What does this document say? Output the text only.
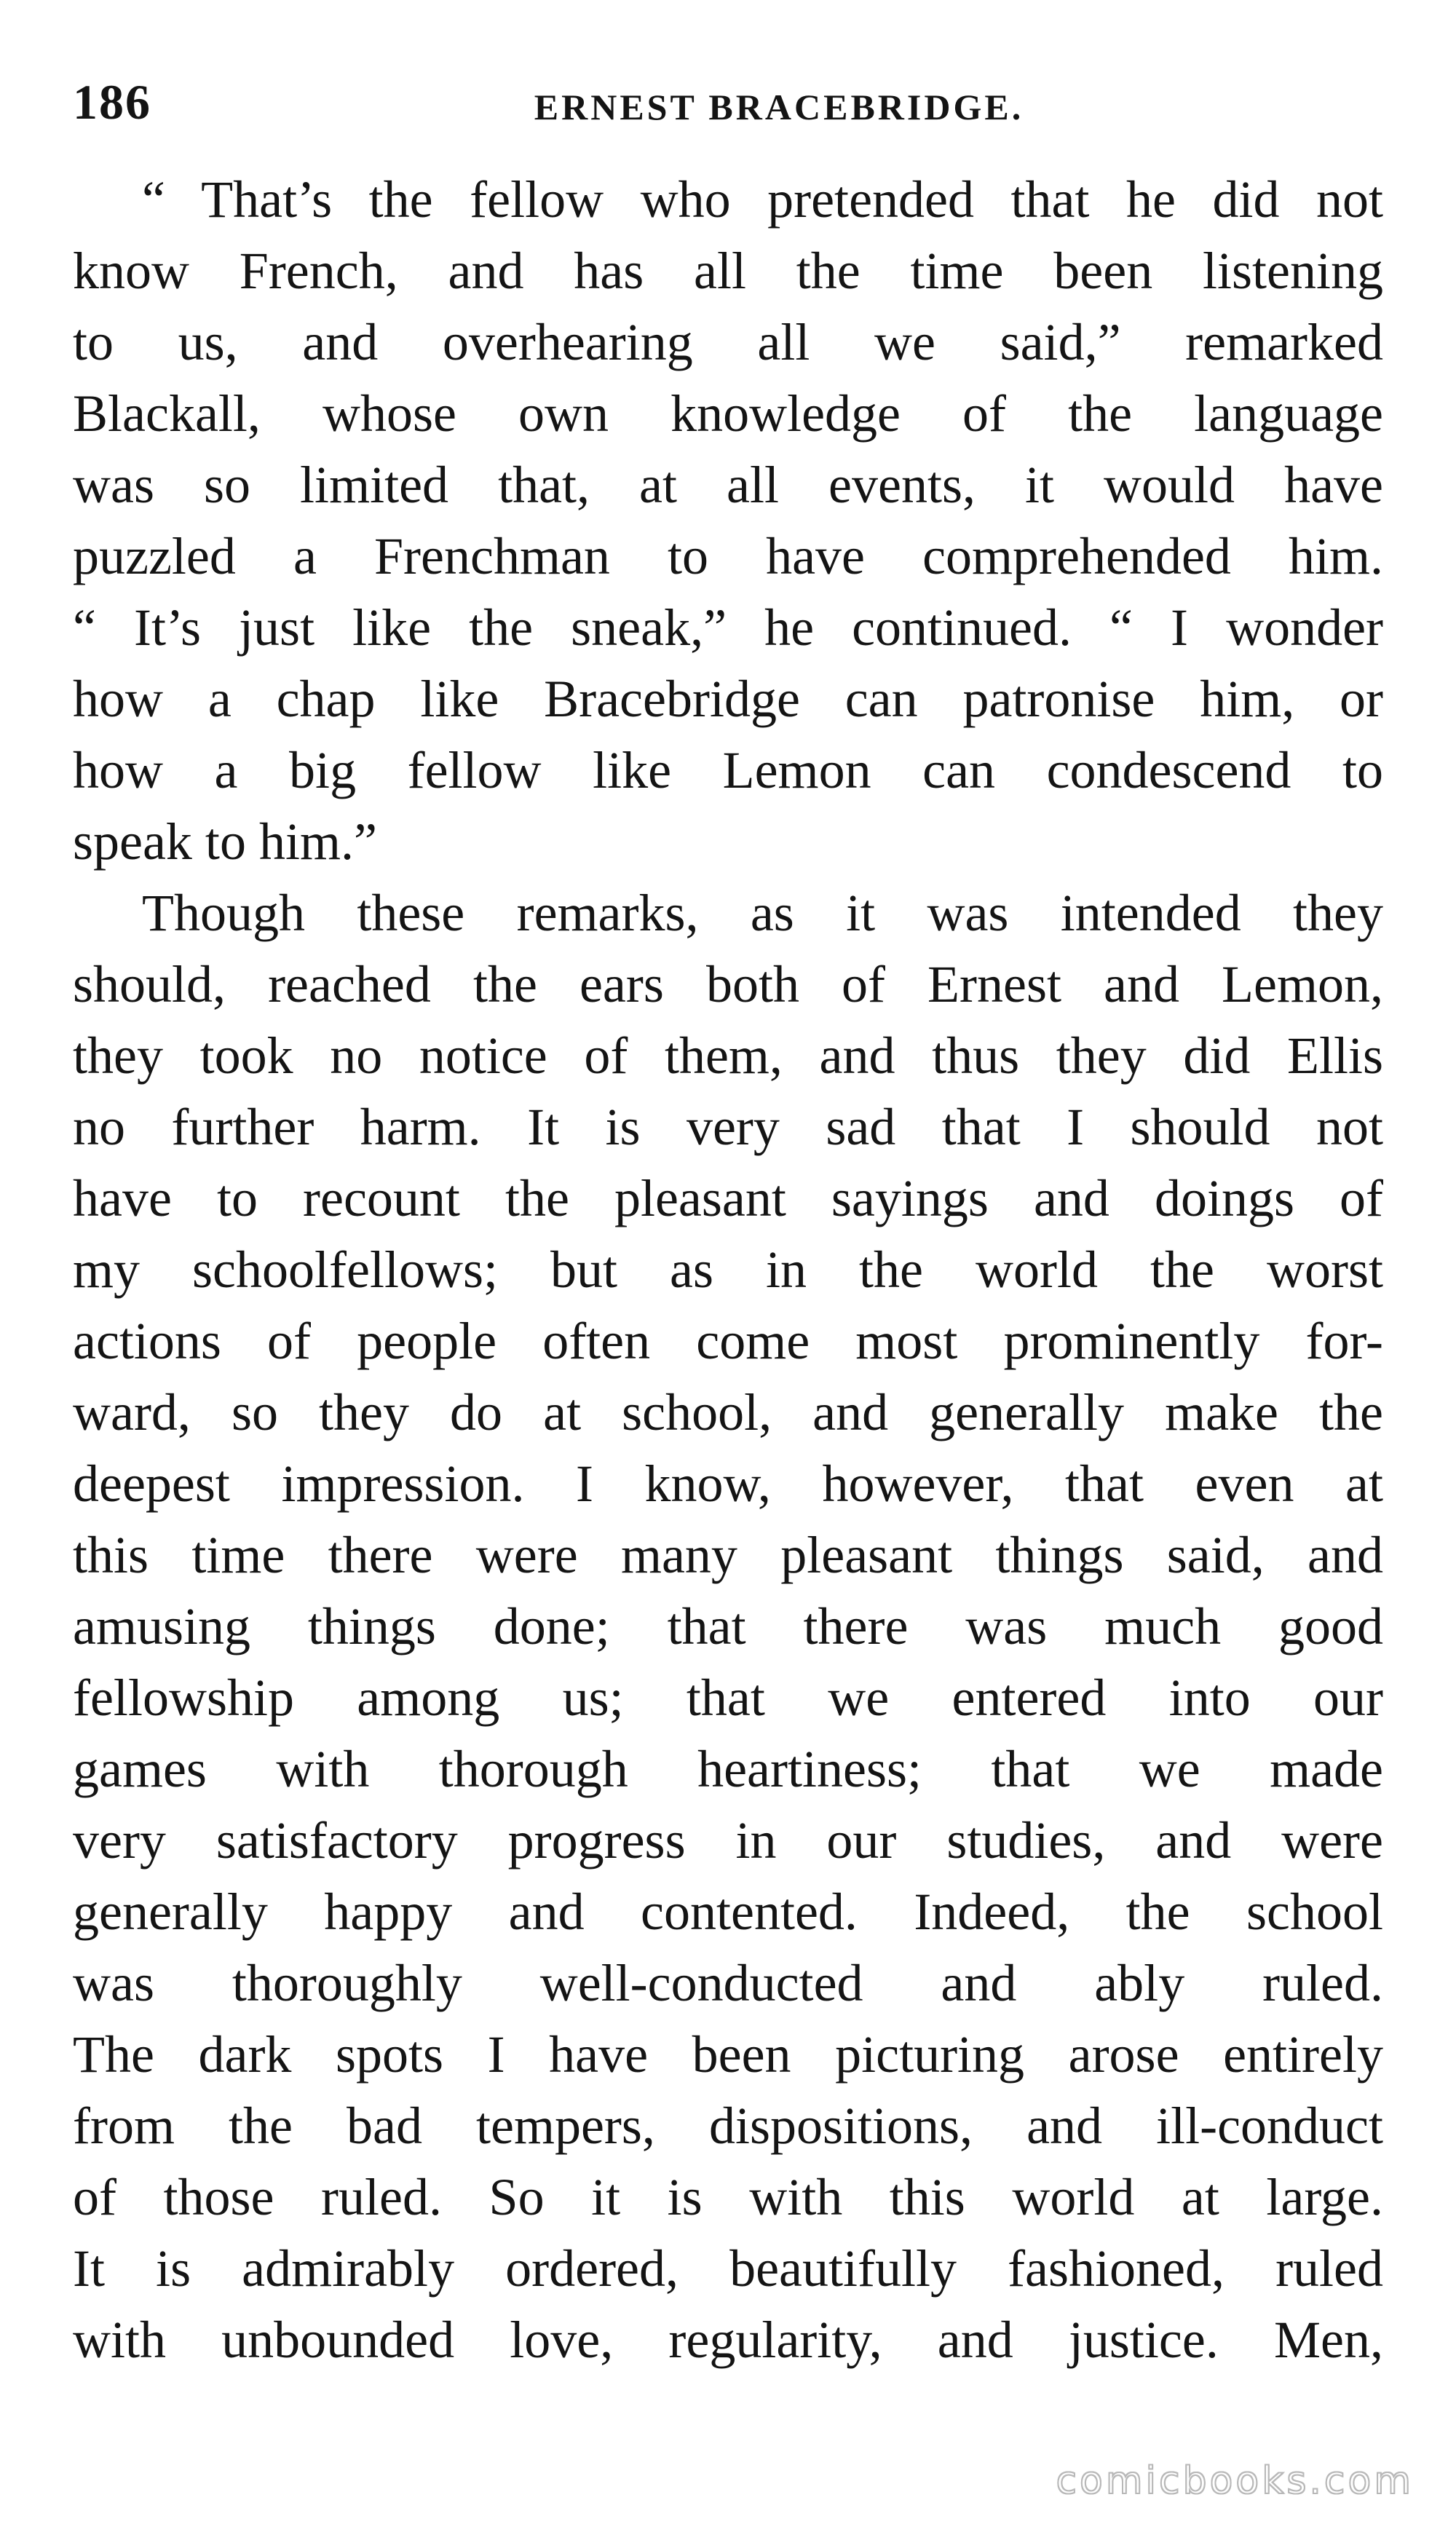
186	ERNEST BRACEBRIDGE.
“ That’s the fellow who pretended that he did not
know French, and has all the time been listening
to us, and overhearing all we said,” remarked
Blackall, whose own knowledge of the language
was so limited that, at all events, it would have
puzzled a Frenchman to have comprehended him.
“ It’s just like the sneak,” he continued. “ I wonder
how a chap like Bracebridge can patronise him, or
how a big fellow like Lemon can condescend to
speak to him.”
Though these remarks, as it was intended they
should, reached the ears both of Ernest and Lemon,
they took no notice of them, and thus they did Ellis
no further harm. It is very sad that I should not
have to recount the pleasant sayings and doings of
my schoolfellows; but as in the world the worst
actions of people often come most prominently for-
ward, so they do at school, and generally make the
deepest impression. I know, however, that even at
this time there were many pleasant things said, and
amusing things done; that there was much good
fellowship among us; that we entered into our
games with thorough heartiness; that we made
very satisfactory progress in our studies, and were
generally happy and contented. Indeed, the school
was thoroughly well-conducted and ably ruled.
The dark spots I have been picturing arose entirely
from the bad tempers, dispositions, and ill-conduct
of those ruled. So it is with this world at large.
It is admirably ordered, beautifully fashioned, ruled
with unbounded love, regularity, and justice. Men,
comicbooks.com
